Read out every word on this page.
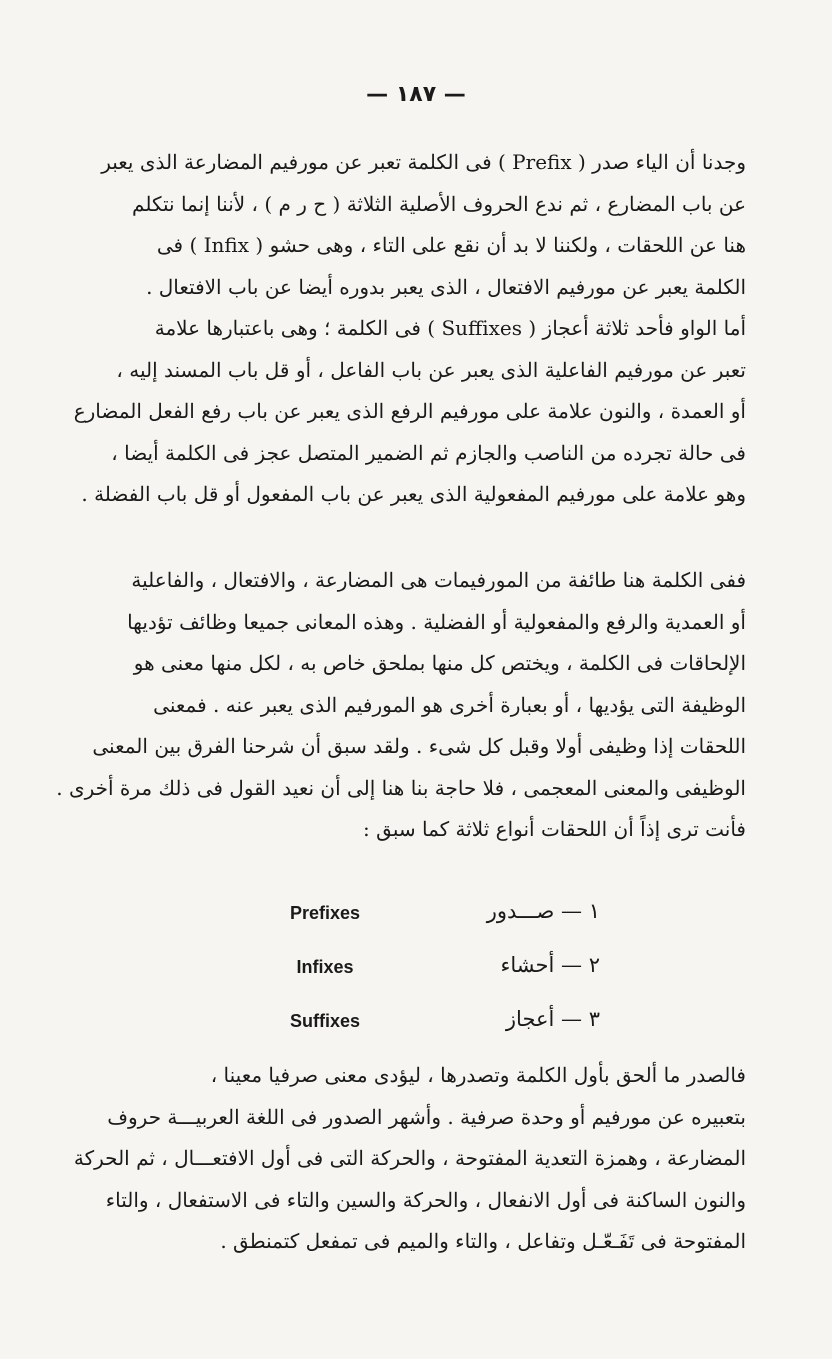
— ١٨٧ —
وجدنا أن الياء صدر ( Prefix ) فى الكلمة تعبر عن مورفيم المضارعة الذى يعبر
عن باب المضارع ، ثم ندع الحروف الأصلية الثلاثة ( ح ر م ) ، لأننا إنما نتكلم
هنا عن اللحقات ، ولكننا لا بد أن نقع على التاء ، وهى حشو ( Infix ) فى
الكلمة يعبر عن مورفيم الافتعال ، الذى يعبر بدوره أيضا عن باب الافتعال .
أما الواو فأحد ثلاثة أعجاز ( Suffixes ) فى الكلمة ؛ وهى باعتبارها علامة
تعبر عن مورفيم الفاعلية الذى يعبر عن باب الفاعل ، أو قل باب المسند إليه ،
أو العمدة ، والنون علامة على مورفيم الرفع الذى يعبر عن باب رفع الفعل المضارع
فى حالة تجرده من الناصب والجازم ثم الضمير المتصل عجز فى الكلمة أيضا ،
وهو علامة على مورفيم المفعولية الذى يعبر عن باب المفعول أو قل باب الفضلة .
ففى الكلمة هنا طائفة من المورفيمات هى المضارعة ، والافتعال ، والفاعلية
أو العمدية والرفع والمفعولية أو الفضلية . وهذه المعانى جميعا وظائف تؤديها
الإلحاقات فى الكلمة ، ويختص كل منها بملحق خاص به ، لكل منها معنى هو
الوظيفة التى يؤديها ، أو بعبارة أخرى هو المورفيم الذى يعبر عنه . فمعنى
اللحقات إذا وظيفى أولا وقبل كل شىء . ولقد سبق أن شرحنا الفرق بين المعنى
الوظيفى والمعنى المعجمى ، فلا حاجة بنا هنا إلى أن نعيد القول فى ذلك مرة أخرى .
فأنت ترى إذاً أن اللحقات أنواع ثلاثة كما سبق :
١ — صـــدور
Prefixes
٢ — أحشاء
Infixes
٣ — أعجاز
Suffixes
فالصدر ما ألحق بأول الكلمة وتصدرها ، ليؤدى معنى صرفيا معينا ،
بتعبيره عن مورفيم أو وحدة صرفية . وأشهر الصدور فى اللغة العربيـــة حروف
المضارعة ، وهمزة التعدية المفتوحة ، والحركة التى فى أول الافتعـــال ، ثم الحركة
والنون الساكنة فى أول الانفعال ، والحركة والسين والتاء فى الاستفعال ، والتاء
المفتوحة فى تَفَـعّـل وتفاعل ، والتاء والميم فى تمفعل كتمنطق .
